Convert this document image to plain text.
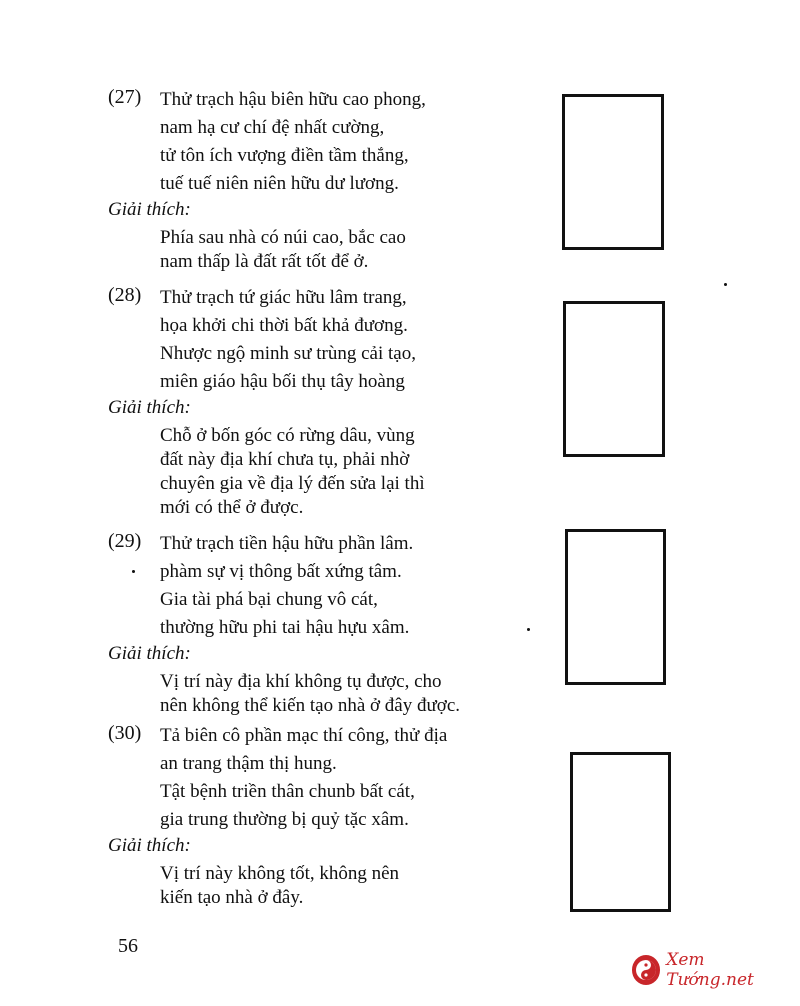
(27) Thử trạch hậu biên hữu cao phong,
nam hạ cư chí đệ nhất cường,
tử tôn ích vượng điền tầm thắng,
tuế tuế niên niên hữu dư lương.
Giải thích:
Phía sau nhà có núi cao, bắc cao
nam thấp là đất rất tốt để ở.
(28) Thử trạch tứ giác hữu lâm trang,
họa khởi chi thời bất khả đương.
Nhược ngộ minh sư trùng cải tạo,
miên giáo hậu bối thụ tây hoàng
Giải thích:
Chỗ ở bốn góc có rừng dâu, vùng
đất này địa khí chưa tụ, phải nhờ
chuyên gia về địa lý đến sửa lại thì
mới có thể ở được.
(29) Thử trạch tiền hậu hữu phần lâm.
phàm sự vị thông bất xứng tâm.
Gia tài phá bại chung vô cát,
thường hữu phi tai hậu hựu xâm.
Giải thích:
Vị trí này địa khí không tụ được, cho
nên không thể kiến tạo nhà ở đây được.
(30) Tả biên cô phần mạc thí công, thử địa
an trang thậm thị hung.
Tật bệnh triền thân chunb bất cát,
gia trung thường bị quỷ tặc xâm.
Giải thích:
Vị trí này không tốt, không nên
kiến tạo nhà ở đây.
56
Xem Tướng.net
